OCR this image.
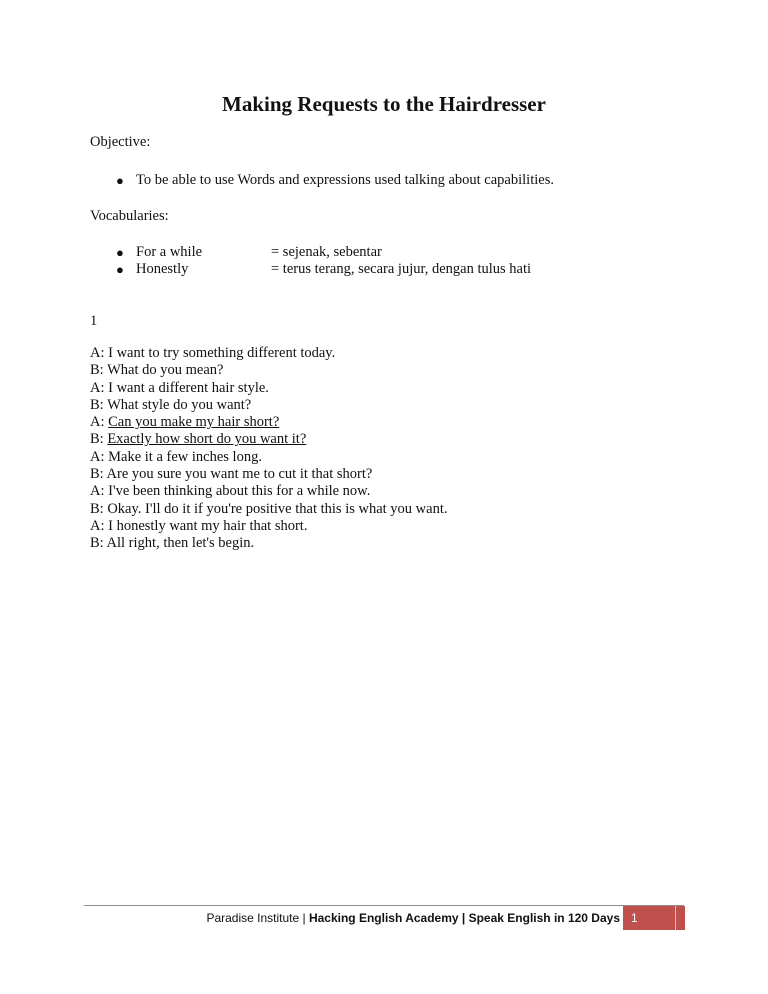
Making Requests to the Hairdresser
Objective:
● To be able to use Words and expressions used talking about capabilities.
Vocabularies:
● For a while	= sejenak, sebentar
● Honestly	= terus terang, secara jujur, dengan tulus hati
1
A: I want to try something different today.
B: What do you mean?
A: I want a different hair style.
B: What style do you want?
A: Can you make my hair short?
B: Exactly how short do you want it?
A: Make it a few inches long.
B: Are you sure you want me to cut it that short?
A: I've been thinking about this for a while now.
B: Okay. I'll do it if you're positive that this is what you want.
A: I honestly want my hair that short.
B: All right, then let's begin.
Paradise Institute | Hacking English Academy | Speak English in 120 Days 1
